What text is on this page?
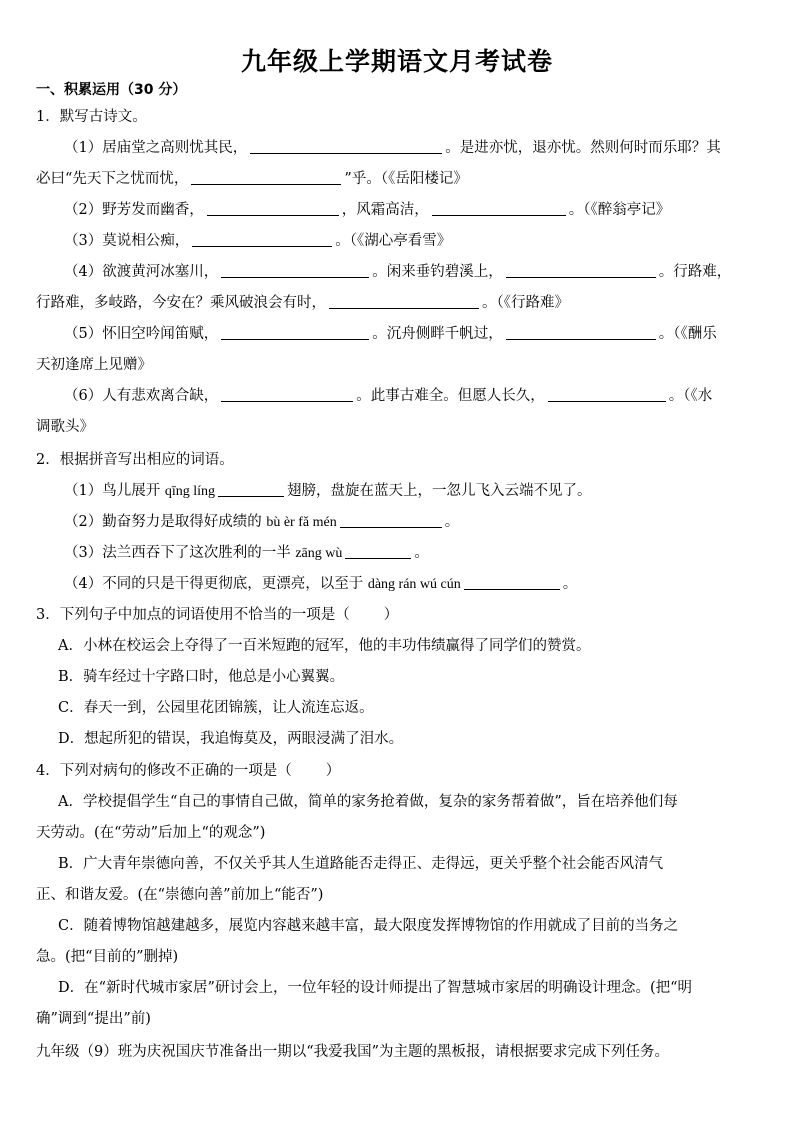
九年级上学期语文月考试卷
一、积累运用（30 分）
1．默写古诗文。
（1）居庙堂之高则忧其民，	。是进亦忧，退亦忧。然则何时而乐耶？其
必曰“先天下之忧而忧，	”乎。（《岳阳楼记》
（2）野芳发而幽香，	，风霜高洁，	。（《醉翁亭记》
（3）莫说相公痴，	。（《湖心亭看雪》
（4）欲渡黄河冰塞川，	。闲来垂钓碧溪上，	。行路难，
行路难，多岐路，今安在？乘风破浪会有时，	。（《行路难》
（5）怀旧空吟闻笛赋，	。沉舟侧畔千帆过，	。（《酬乐
天初逢席上见赠》
（6）人有悲欢离合缺，	。此事古难全。但愿人长久，	。（《水
调歌头》
2．根据拼音写出相应的词语。
（1）鸟儿展开 qīng líng	翅膀，盘旋在蓝天上，一忽儿飞入云端不见了。
（2）勤奋努力是取得好成绩的 bù èr fǎ mén	。
（3）法兰西吞下了这次胜利的一半 zāng wù	。
（4）不同的只是干得更彻底，更漂亮，以至于 dàng rán wú cún	。
3．下列句子中加点的词语使用不恰当的一项是（ ）
A．小林在校运会上夺得了一百米短跑的冠军，他的丰功伟绩赢得了同学们的赞赏。
B．骑车经过十字路口时，他总是小心翼翼。
C．春天一到，公园里花团锦簇，让人流连忘返。
D．想起所犯的错误，我追悔莫及，两眼浸满了泪水。
4．下列对病句的修改不正确的一项是（ ）
A．学校提倡学生“自己的事情自己做，简单的家务抢着做，复杂的家务帮着做”，旨在培养他们每
天劳动。(在“劳动”后加上“的观念”)
B．广大青年崇德向善，不仅关乎其人生道路能否走得正、走得远，更关乎整个社会能否风清气
正、和谐友爱。(在“崇德向善”前加上“能否”)
C．随着博物馆越建越多，展览内容越来越丰富，最大限度发挥博物馆的作用就成了目前的当务之
急。(把“目前的”删掉)
D．在“新时代城市家居”研讨会上，一位年轻的设计师提出了智慧城市家居的明确设计理念。(把“明
确”调到“提出”前)
九年级（9）班为庆祝国庆节准备出一期以“我爱我国”为主题的黑板报，请根据要求完成下列任务。
